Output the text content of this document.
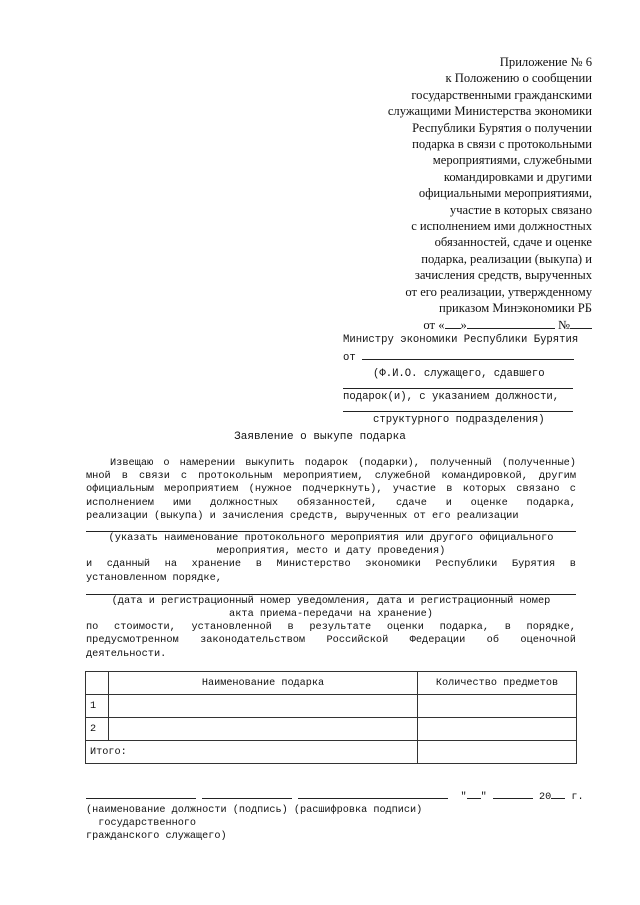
Приложение № 6
к Положению о сообщении
государственными гражданскими
служащими Министерства экономики
Республики Бурятия о получении
подарка в связи с протокольными
мероприятиями, служебными
командировками и другими
официальными мероприятиями,
участие в которых связано
с исполнением ими должностных
обязанностей, сдаче и оценке
подарка, реализации (выкупа) и
зачисления средств, вырученных
от его реализации, утвержденному
приказом Минэкономики РБ
от « »	№
Министру экономики Республики Бурятия
от
(Ф.И.О. служащего, сдавшего
подарок(и), с указанием должности,
структурного подразделения)
Заявление о выкупе подарка
Извещаю о намерении выкупить подарок (подарки), полученный (полученные)
мной в связи с протокольным мероприятием, служебной командировкой, другим
официальным мероприятием (нужное подчеркнуть), участие в которых связано с
исполнением ими должностных обязанностей, сдаче и оценке подарка,
реализации (выкупа) и зачисления средств, вырученных от его реализации
(указать наименование протокольного мероприятия или другого официального
мероприятия, место и дату проведения)
и сданный на хранение в Министерство экономики Республики Бурятия в
установленном порядке,
(дата и регистрационный номер уведомления, дата и регистрационный номер
акта приема-передачи на хранение)
по стоимости, установленной в результате оценки подарка, в порядке,
предусмотренном законодательством Российской Федерации об оценочной
деятельности.
	Наименование подарка	Количество предметов
1		
2		
Итого:		
" "	20 г.
(наименование должности (подпись) (расшифровка подписи)
государственного
гражданского служащего)
